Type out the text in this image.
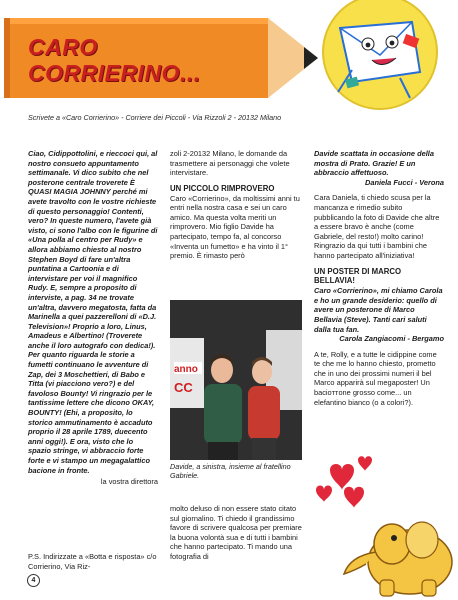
CARO
CORRIERINO...
Scrivete a «Caro Corrierino» - Corriere dei Piccoli - Via Rizzoli 2 - 20132 Milano

Ciao, Cidippottolini, e rieccoci qui, al nostro consueto appuntamento settimanale. Vi dico subito che nel posterone centrale troverete È QUASI MAGIA JOHNNY perché mi avete travolto con le vostre richieste di questo personaggio! Contenti, vero? In queste numero, l'avete già visto, ci sono l'albo con le figurine di «Una polla al centro per Rudy» e allora abbiamo chiesto al nostro Stephen Boyd di fare un'altra puntatina a Cartoonia e di intervistare per voi il magnifico Rudy. E, sempre a proposito di interviste, a pag. 34 ne trovate un'altra, davvero megatosta, fatta da Marinella a quei pazzerelloni di «D.J. Television»! Proprio a loro, Linus, Amadeus e Albertino! (Troverete anche il loro autografo con dedica!). Per quanto riguarda le storie a fumetti continuano le avventure di Zap, dei 3 Moschettieri, di Babo e Titta (vi piacciono vero?) e del favoloso Bounty! Vi ringrazio per le tantissime lettere che dicono OKAY, BOUNTY! (Ehi, a proposito, lo storico ammutinamento è accaduto proprio il 28 aprile 1789, duecento anni oggi!). E ora, visto che lo spazio stringe, vi abbraccio forte forte e vi stampo un megagalattico bacione in fronte.

la vostra direttora

P.S. Indirizzate a «Botta e risposta» c/o Corrierino, Via Riz-

zoli 2-20132 Milano, le domande da trasmettere ai personaggi che volete intervistare.

UN PICCOLO RIMPROVERO

Caro «Corrierino», da moltissimi anni tu entri nella nostra casa e sei un caro amico. Ma questa volta meriti un rimprovero. Mio figlio Davide ha partecipato, tempo fa, al concorso «Inventa un fumetto» e ha vinto il 1° premio. È rimasto però

anno
CC
Davide, a sinistra, insieme al fratellino Gabriele.

molto deluso di non essere stato citato sul giornalino. Ti chiedo il grandissimo favore di scrivere qualcosa per premiare la buona volontà sua e di tutti i bambini che hanno partecipato. Ti mando una fotografia di

Davide scattata in occasione della mostra di Prato. Grazie! E un abbraccio affettuoso.

Daniela Fucci - Verona

Cara Daniela, ti chiedo scusa per la mancanza e rimedio subito pubblicando la foto di Davide che altre a essere bravo è anche (come Gabriele, del resto!) molto carino! Ringrazio da qui tutti i bambini che hanno partecipato all'iniziativa!

UN POSTER DI MARCO BELLAVIA!

Caro «Corrierino», mi chiamo Carola e ho un grande desiderio: quello di avere un posterone di Marco Bellavia (Steve). Tanti cari saluti dalla tua fan.

Carola Zangiacomi - Bergamo

A te, Rolly, e a tutte le cidippine come te che me lo hanno chiesto, prometto che in uno dei prossimi numeri il bel Marco apparirà sul megaposter! Un bacioттone grosso come... un elefantino bianco (o a colori?).

4
